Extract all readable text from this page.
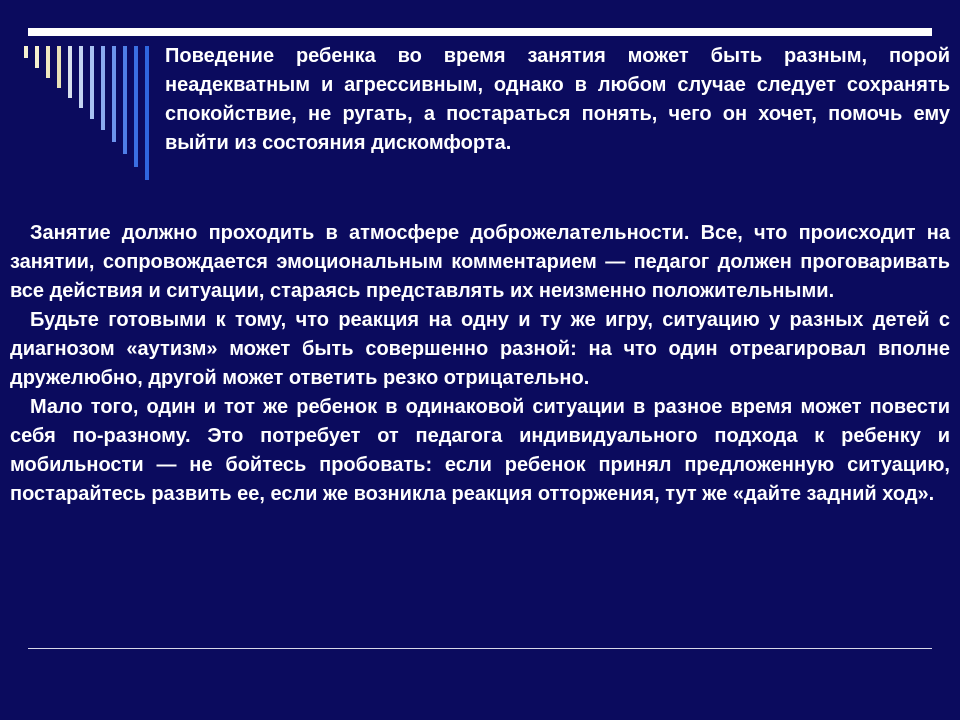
Поведение ребенка во время занятия может быть разным, порой неадекватным и агрессивным, однако в любом случае следует сохранять спокойствие, не ругать, а постараться понять, чего он хочет, помочь ему выйти из состояния дискомфорта.

Занятие должно проходить в атмосфере доброжелательности. Все, что происходит на занятии, сопровождается эмоциональным комментарием — педагог должен проговаривать все действия и ситуации, стараясь представлять их неизменно положительными.

Будьте готовыми к тому, что реакция на одну и ту же игру, ситуацию у разных детей с диагнозом «аутизм» может быть совершенно разной: на что один отреагировал вполне дружелюбно, другой может ответить резко отрицательно.

Мало того, один и тот же ребенок в одинаковой ситуации в разное время может повести себя по-разному. Это потребует от педагога индивидуального подхода к ребенку и мобильности — не бойтесь пробовать: если ребенок принял предложенную ситуацию, постарайтесь развить ее, если же возникла реакция отторжения, тут же «дайте задний ход».
